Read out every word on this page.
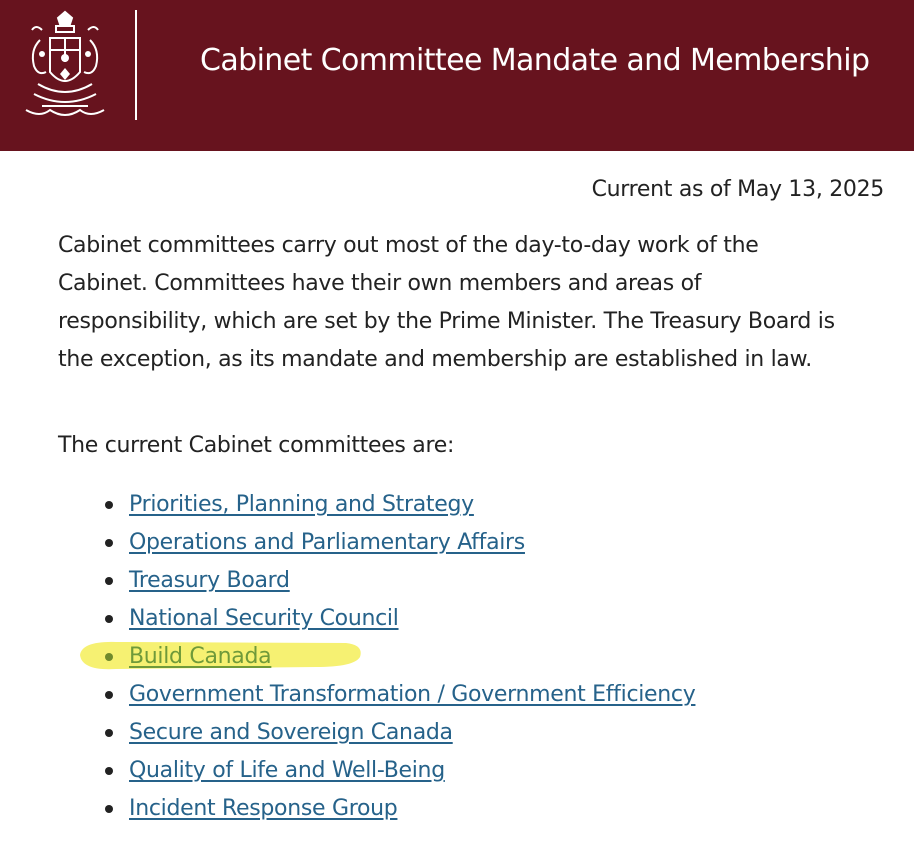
Cabinet Committee Mandate and Membership
Current as of May 13, 2025

Cabinet committees carry out most of the day-to-day work of the Cabinet. Committees have their own members and areas of responsibility, which are set by the Prime Minister. The Treasury Board is the exception, as its mandate and membership are established in law.

The current Cabinet committees are:

Priorities, Planning and Strategy
Operations and Parliamentary Affairs
Treasury Board
National Security Council
Build Canada
Government Transformation / Government Efficiency
Secure and Sovereign Canada
Quality of Life and Well-Being
Incident Response Group
